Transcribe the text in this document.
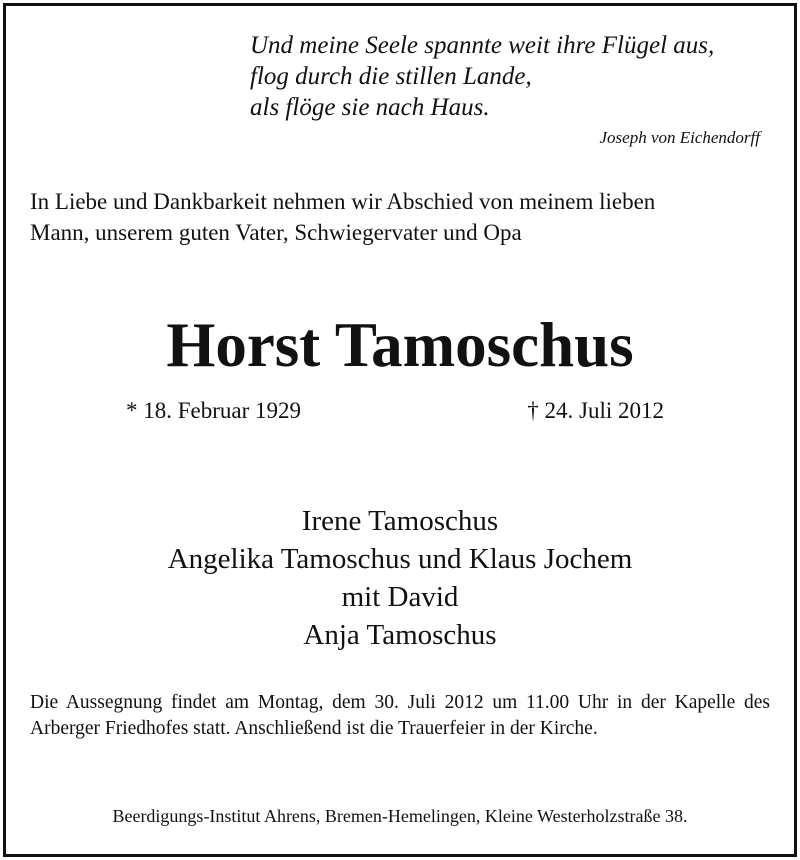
Und meine Seele spannte weit ihre Flügel aus,
flog durch die stillen Lande,
als flöge sie nach Haus.
Joseph von Eichendorff
In Liebe und Dankbarkeit nehmen wir Abschied von meinem lieben
Mann, unserem guten Vater, Schwiegervater und Opa
Horst Tamoschus
* 18. Februar 1929	† 24. Juli 2012
Irene Tamoschus
Angelika Tamoschus und Klaus Jochem
mit David
Anja Tamoschus
Die Aussegnung findet am Montag, dem 30. Juli 2012 um 11.00 Uhr in der Kapelle des Arberger Friedhofes statt. Anschließend ist die Trauerfeier in der Kirche.
Beerdigungs-Institut Ahrens, Bremen-Hemelingen, Kleine Westerholzstraße 38.
